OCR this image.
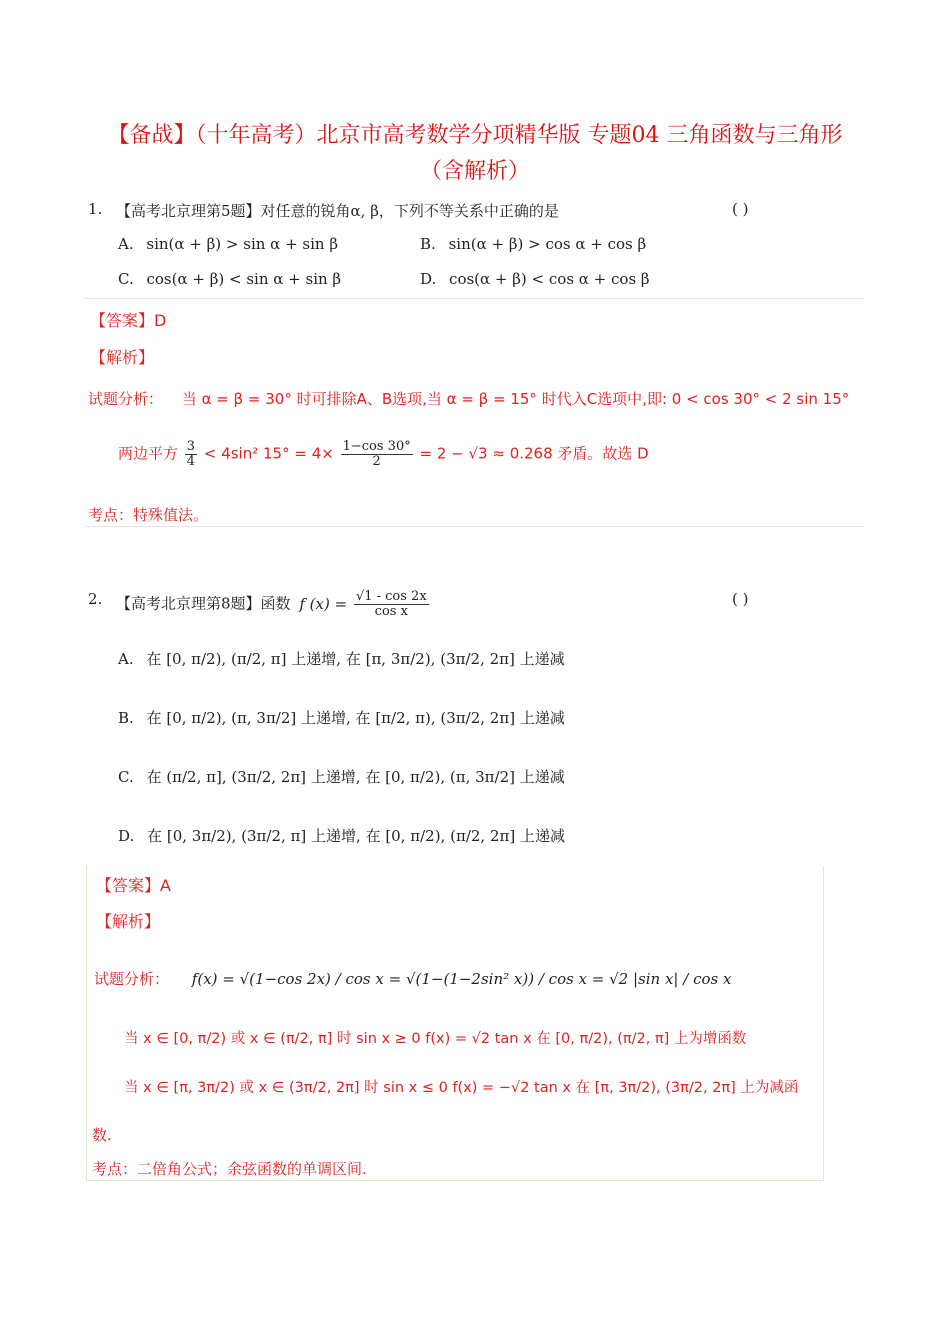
【备战】（十年高考）北京市高考数学分项精华版 专题04 三角函数与三角形
（含解析）
1. 【高考北京理第5题】对任意的锐角α, β，下列不等关系中正确的是	( )
A. sin(α + β) > sin α + sin β	B. sin(α + β) > cos α + cos β
C. cos(α + β) < sin α + sin β	D. cos(α + β) < cos α + cos β
【答案】D
【解析】
试题分析： 当 α = β = 30° 时可排除A、B选项,当 α = β = 15° 时代入C选项中,即: 0 < cos 30° < 2 sin 15°
两边平方 $\frac{3}{4} < 4\sin^2$ $15^\circ = 4\times \frac{1-\cos 30^\circ}{2} = 2 - √3 \approx 0.268$ 矛盾。故选 D
考点：特殊值法。
2. 【高考北京理第8题】函数 f $(x) = \frac{√1 - \cos 2x}{\text{cos x}}$	( )
A. 在 [0, π/2), (π/2, π] 上递增, 在 [π, 3π/2), (3π/2, 2π] 上递减
B. 在 [0, π/2), (π, 3π/2] 上递增, 在 [π/2, π), (3π/2, 2π] 上递减
C. 在 (π/2, π], (3π/2, 2π] 上递增, 在 [0, π/2), (π, 3π/2] 上递减
D. 在 [0, 3π/2), (3π/2, π] 上递增, 在 [0, π/2), (π/2, 2π] 上递减
【答案】A
【解析】
试题分析： f(x) = √(1−cos 2x) / cos x = √(1−(1−2sin² x)) / cos x = √2 |sin x| / cos x
当 x ∈ [0, π/2) 或 x ∈ (π/2, π] 时 sin x ≥ 0 f(x) = √2 tan x 在 [0, π/2), (π/2, π] 上为增函数
当 x ∈ [π, 3π/2) 或 x ∈ (3π/2, 2π] 时 sin x ≤ 0 f(x) = −√2 tan x 在 [π, 3π/2), (3π/2, 2π] 上为减函
数.
考点：二倍角公式；余弦函数的单调区间.
